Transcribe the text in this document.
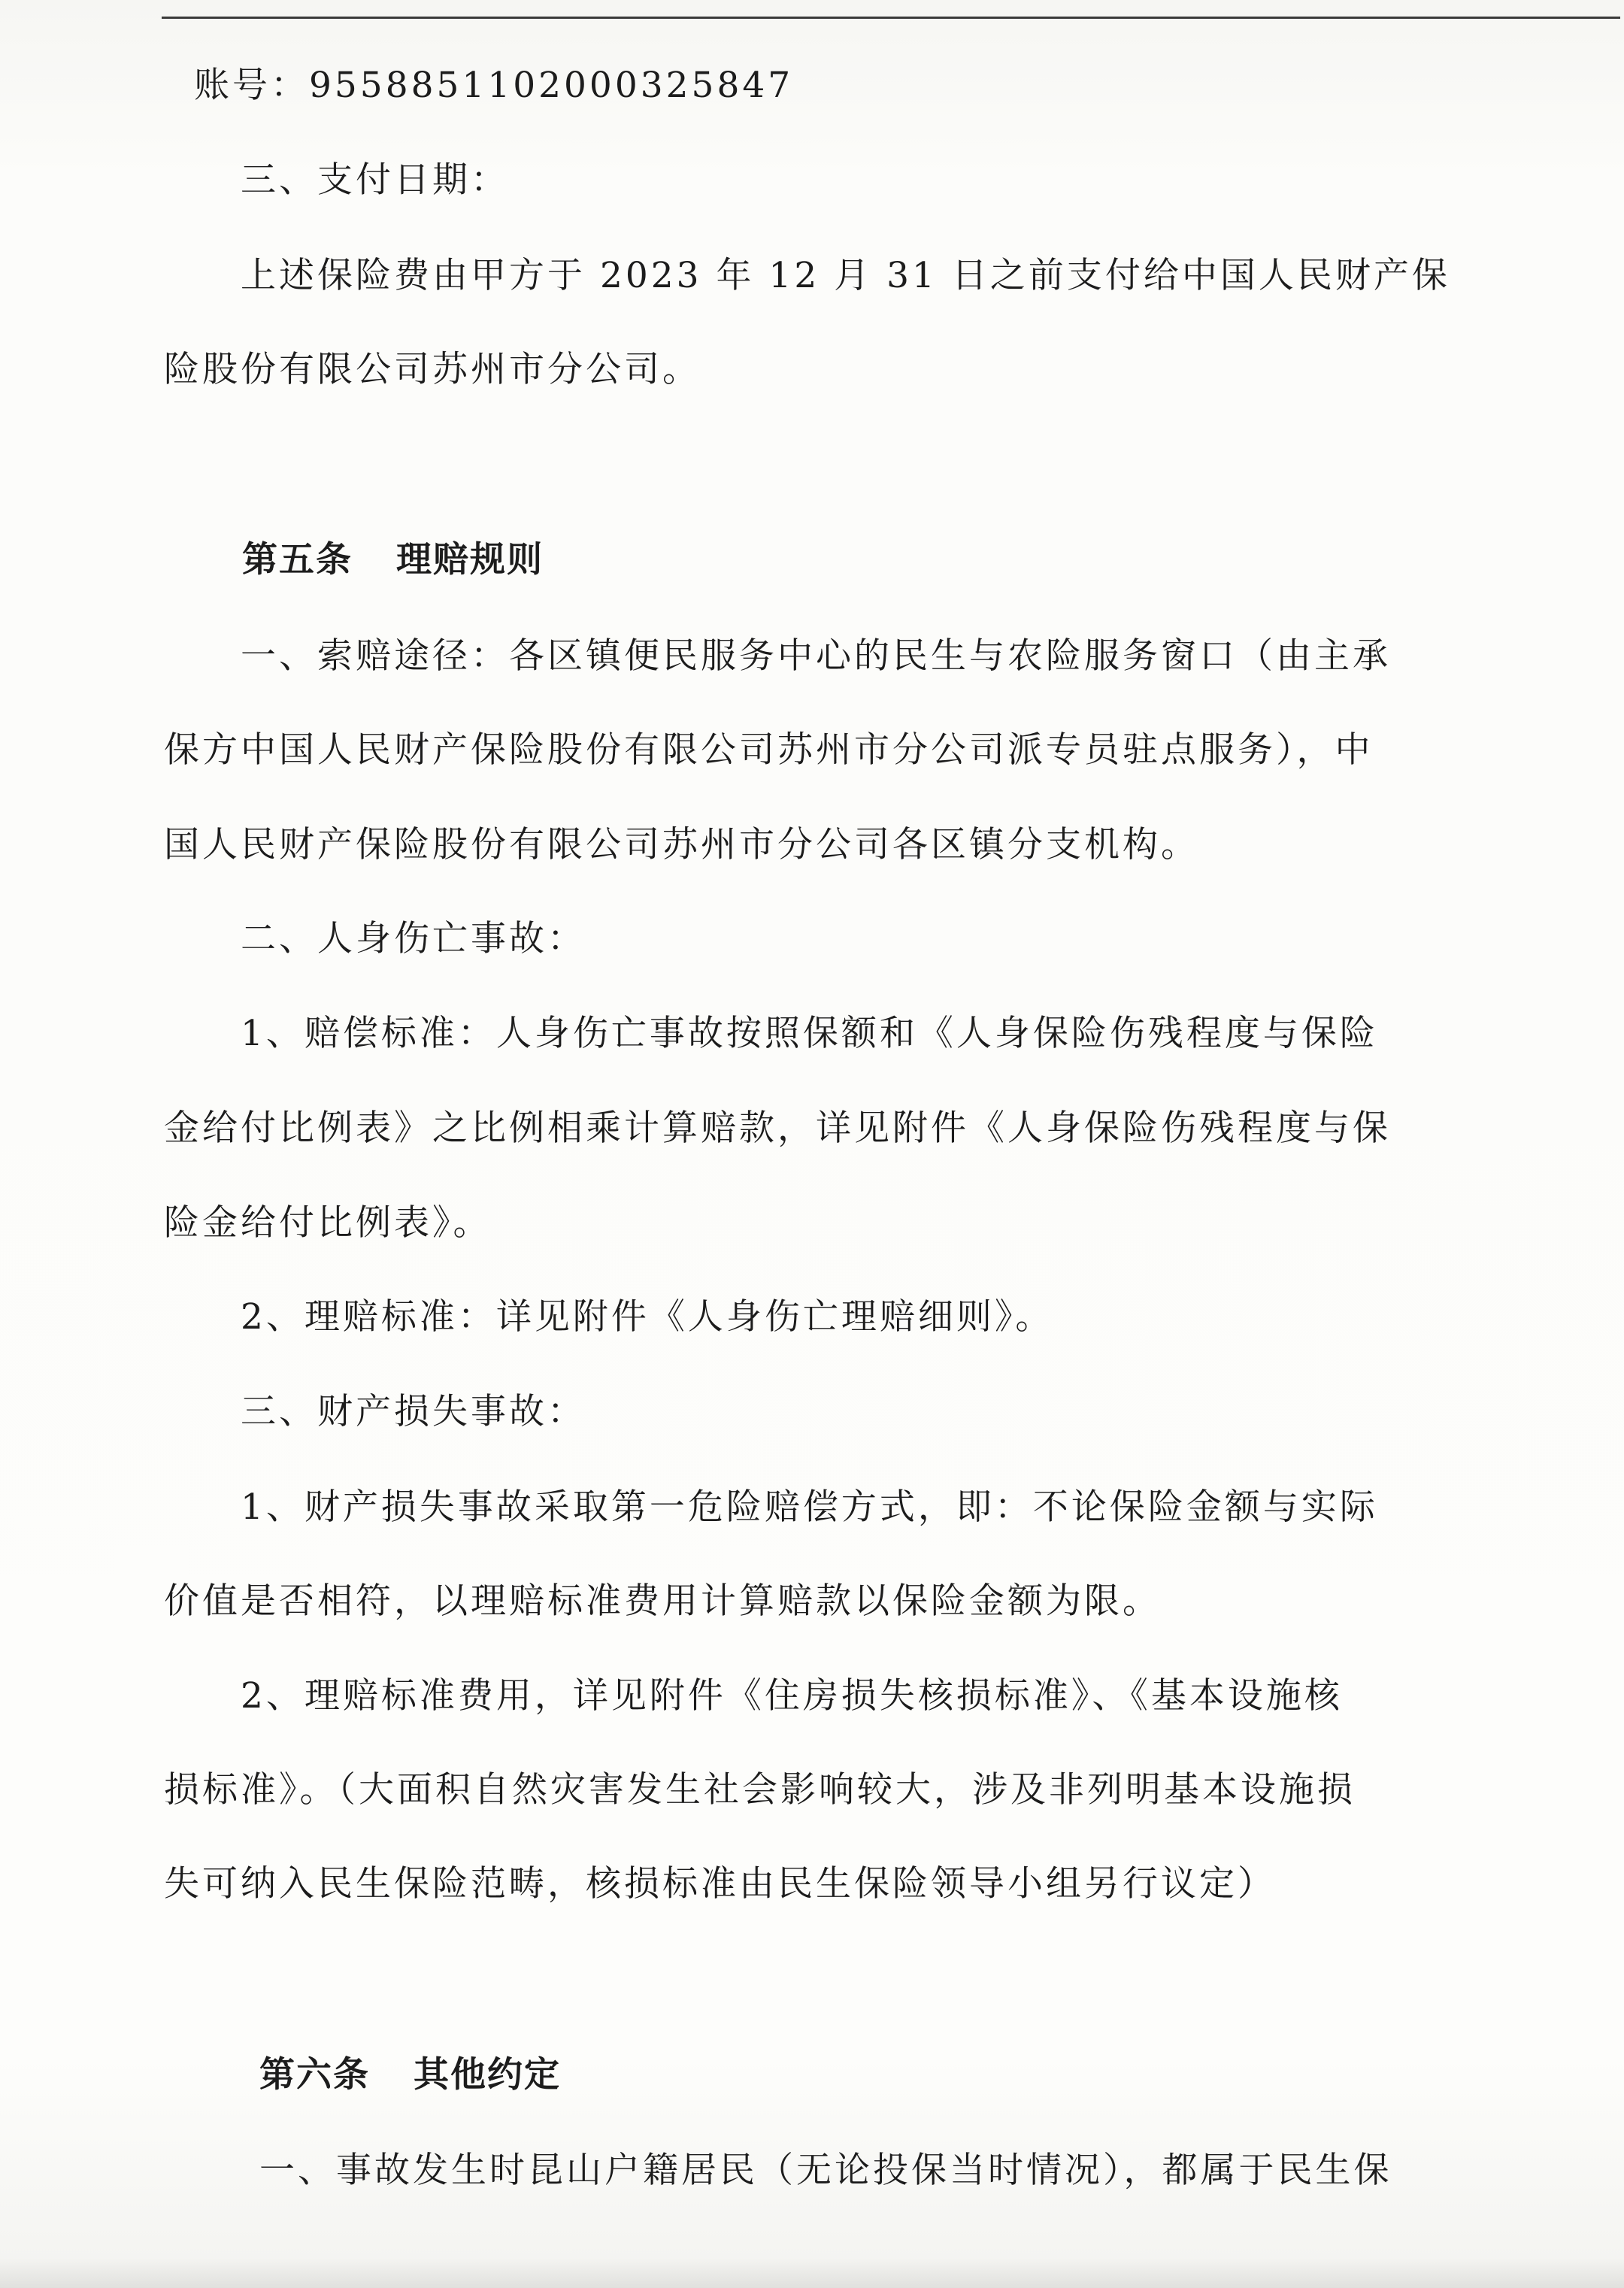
账号：9558851102000325847

三、支付日期：

上述保险费由甲方于 2023 年 12 月 31 日之前支付给中国人民财产保

险股份有限公司苏州市分公司。

第五条 理赔规则

一、索赔途径：各区镇便民服务中心的民生与农险服务窗口（由主承

保方中国人民财产保险股份有限公司苏州市分公司派专员驻点服务），中

国人民财产保险股份有限公司苏州市分公司各区镇分支机构。

二、人身伤亡事故：

1、赔偿标准：人身伤亡事故按照保额和《人身保险伤残程度与保险

金给付比例表》之比例相乘计算赔款，详见附件《人身保险伤残程度与保

险金给付比例表》。

2、理赔标准：详见附件《人身伤亡理赔细则》。

三、财产损失事故：

1、财产损失事故采取第一危险赔偿方式，即：不论保险金额与实际

价值是否相符，以理赔标准费用计算赔款以保险金额为限。

2、理赔标准费用，详见附件《住房损失核损标准》、《基本设施核

损标准》。（大面积自然灾害发生社会影响较大，涉及非列明基本设施损

失可纳入民生保险范畴，核损标准由民生保险领导小组另行议定）

第六条 其他约定

一、事故发生时昆山户籍居民（无论投保当时情况），都属于民生保
